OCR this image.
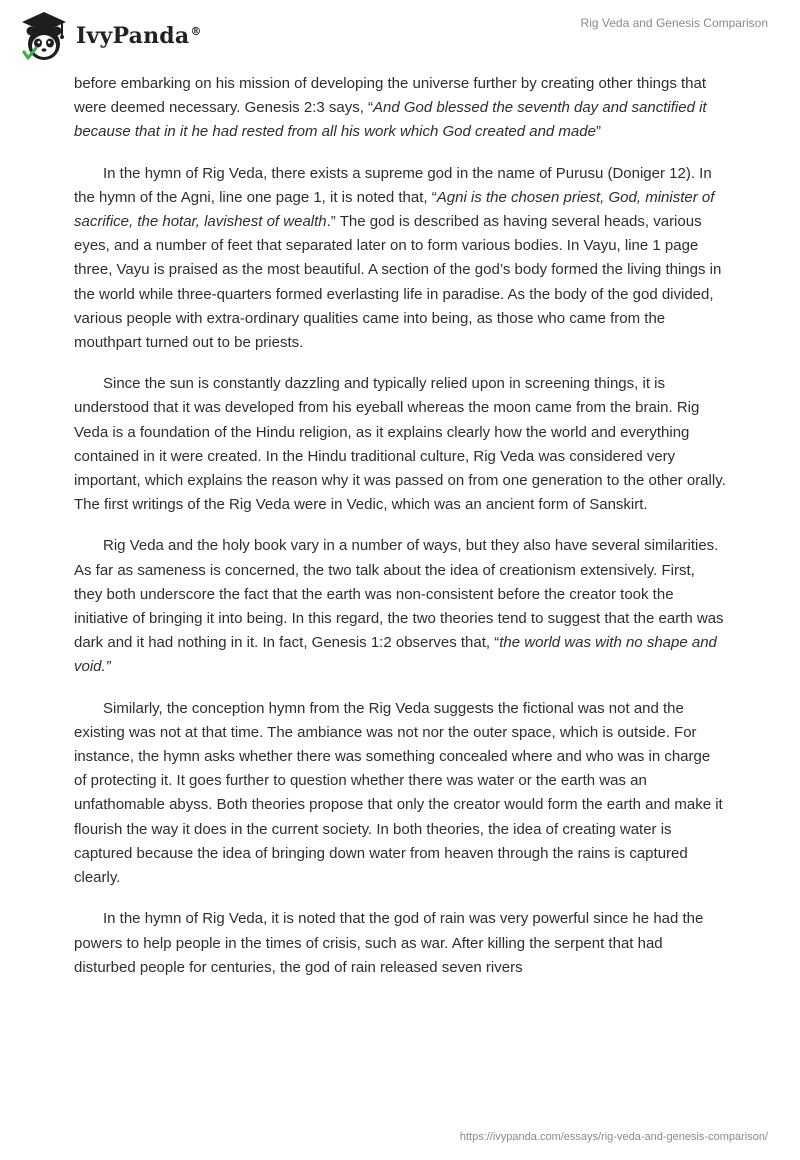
IvyPanda®
Rig Veda and Genesis Comparison

before embarking on his mission of developing the universe further by creating other things that were deemed necessary. Genesis 2:3 says, “And God blessed the seventh day and sanctified it because that in it he had rested from all his work which God created and made”

In the hymn of Rig Veda, there exists a supreme god in the name of Purusu (Doniger 12). In the hymn of the Agni, line one page 1, it is noted that, “Agni is the chosen priest, God, minister of sacrifice, the hotar, lavishest of wealth.” The god is described as having several heads, various eyes, and a number of feet that separated later on to form various bodies. In Vayu, line 1 page three, Vayu is praised as the most beautiful. A section of the god’s body formed the living things in the world while three-quarters formed everlasting life in paradise. As the body of the god divided, various people with extra-ordinary qualities came into being, as those who came from the mouthpart turned out to be priests.

Since the sun is constantly dazzling and typically relied upon in screening things, it is understood that it was developed from his eyeball whereas the moon came from the brain. Rig Veda is a foundation of the Hindu religion, as it explains clearly how the world and everything contained in it were created. In the Hindu traditional culture, Rig Veda was considered very important, which explains the reason why it was passed on from one generation to the other orally. The first writings of the Rig Veda were in Vedic, which was an ancient form of Sanskirt.

Rig Veda and the holy book vary in a number of ways, but they also have several similarities. As far as sameness is concerned, the two talk about the idea of creationism extensively. First, they both underscore the fact that the earth was non-consistent before the creator took the initiative of bringing it into being. In this regard, the two theories tend to suggest that the earth was dark and it had nothing in it. In fact, Genesis 1:2 observes that, “the world was with no shape and void.”

Similarly, the conception hymn from the Rig Veda suggests the fictional was not and the existing was not at that time. The ambiance was not nor the outer space, which is outside. For instance, the hymn asks whether there was something concealed where and who was in charge of protecting it. It goes further to question whether there was water or the earth was an unfathomable abyss. Both theories propose that only the creator would form the earth and make it flourish the way it does in the current society. In both theories, the idea of creating water is captured because the idea of bringing down water from heaven through the rains is captured clearly.

In the hymn of Rig Veda, it is noted that the god of rain was very powerful since he had the powers to help people in the times of crisis, such as war. After killing the serpent that had disturbed people for centuries, the god of rain released seven rivers

https://ivypanda.com/essays/rig-veda-and-genesis-comparison/
